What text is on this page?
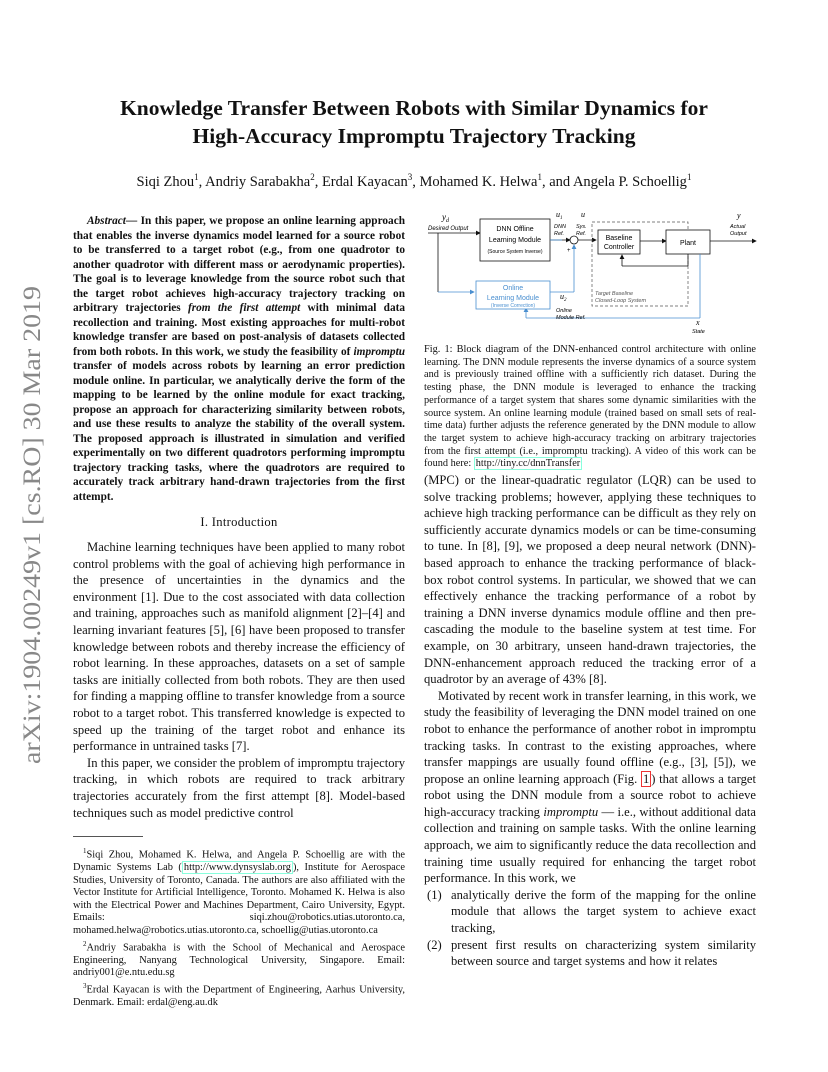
arXiv:1904.00249v1 [cs.RO] 30 Mar 2019
Knowledge Transfer Between Robots with Similar Dynamics for
High-Accuracy Impromptu Trajectory Tracking
Siqi Zhou$^1$, Andriy Sarabakha$^2$, Erdal Kayacan$^3$, Mohamed K. Helwa$^1$, and Angela P. Schoellig$^1$
Abstract— In this paper, we propose an online learning approach that enables the inverse dynamics model learned for a source robot to be transferred to a target robot (e.g., from one quadrotor to another quadrotor with different mass or aerodynamic properties). The goal is to leverage knowledge from the source robot such that the target robot achieves high-accuracy trajectory tracking on arbitrary trajectories from the first attempt with minimal data recollection and training. Most existing approaches for multi-robot knowledge transfer are based on post-analysis of datasets collected from both robots. In this work, we study the feasibility of impromptu transfer of models across robots by learning an error prediction module online. In particular, we analytically derive the form of the mapping to be learned by the online module for exact tracking, propose an approach for characterizing similarity between robots, and use these results to analyze the stability of the overall system. The proposed approach is illustrated in simulation and verified experimentally on two different quadrotors performing impromptu trajectory tracking tasks, where the quadrotors are required to accurately track arbitrary hand-drawn trajectories from the first attempt.
I. Introduction

Machine learning techniques have been applied to many robot control problems with the goal of achieving high performance in the presence of uncertainties in the dynamics and the environment [1]. Due to the cost associated with data collection and training, approaches such as manifold alignment [2]–[4] and learning invariant features [5], [6] have been proposed to transfer knowledge between robots and thereby increase the efficiency of robot learning. In these approaches, datasets on a set of sample tasks are initially collected from both robots. They are then used for finding a mapping offline to transfer knowledge from a source robot to a target robot. This transferred knowledge is expected to speed up the training of the target robot and enhance its performance in untrained tasks [7].

In this paper, we consider the problem of impromptu trajectory tracking, in which robots are required to track arbitrary trajectories accurately from the first attempt [8]. Model-based techniques such as model predictive control

$^1$Siqi Zhou, Mohamed K. Helwa, and Angela P. Schoellig are with the Dynamic Systems Lab ( http://www.dynsyslab.org ), Institute for Aerospace Studies, University of Toronto, Canada. The authors are also affiliated with the Vector Institute for Artificial Intelligence, Toronto. Mohamed K. Helwa is also with the Electrical Power and Machines Department, Cairo University, Egypt. Emails: siqi.zhou@robotics.utias.utoronto.ca, mohamed.helwa@robotics.utias.utoronto.ca, schoellig@utias.utoronto.ca
$^2$Andriy Sarabakha is with the School of Mechanical and Aerospace Engineering, Nanyang Technological University, Singapore. Email: andriy001@e.ntu.edu.sg
$^3$Erdal Kayacan is with the Department of Engineering, Aarhus University, Denmark. Email: erdal@eng.au.dk
$y_d$
Desired Output	DNN Offline
Learning Module
(Source System Inverse)
$u_1$
DNN
Ref.
u
Sys.
Ref.
+
Target Baseline
Closed-Loop System
Baseline
Controller
Plant
y
Actual
Output
x
State
Online
Learning Module
(Inverse Correction)
$u_2$
Online
Module Ref.
Fig. 1: Block diagram of the DNN-enhanced control architecture with online learning. The DNN module represents the inverse dynamics of a source system and is previously trained offline with a sufficiently rich dataset. During the testing phase, the DNN module is leveraged to enhance the tracking performance of a target system that shares some dynamic similarities with the source system. An online learning module (trained based on small sets of real-time data) further adjusts the reference generated by the DNN module to allow the target system to achieve high-accuracy tracking on arbitrary trajectories from the first attempt (i.e., impromptu tracking). A video of this work can be found here: http://tiny.cc/dnnTransfer

(MPC) or the linear-quadratic regulator (LQR) can be used to solve tracking problems; however, applying these techniques to achieve high tracking performance can be difficult as they rely on sufficiently accurate dynamics models or can be time-consuming to tune. In [8], [9], we proposed a deep neural network (DNN)-based approach to enhance the tracking performance of black-box robot control systems. In particular, we showed that we can effectively enhance the tracking performance of a robot by training a DNN inverse dynamics module offline and then pre-cascading the module to the baseline system at test time. For example, on 30 arbitrary, unseen hand-drawn trajectories, the DNN-enhancement approach reduced the tracking error of a quadrotor by an average of 43% [8].

Motivated by recent work in transfer learning, in this work, we study the feasibility of leveraging the DNN model trained on one robot to enhance the performance of another robot in impromptu tracking tasks. In contrast to the existing approaches, where transfer mappings are usually found offline (e.g., [3], [5]), we propose an online learning approach (Fig. 1 ) that allows a target robot using the DNN module from a source robot to achieve high-accuracy tracking impromptu — i.e., without additional data collection and training on sample tasks. With the online learning approach, we aim to significantly reduce the data recollection and training time usually required for enhancing the target robot performance. In this work, we

(1) analytically derive the form of the mapping for the online module that allows the target system to achieve exact tracking,
(2) present first results on characterizing system similarity between source and target systems and how it relates
